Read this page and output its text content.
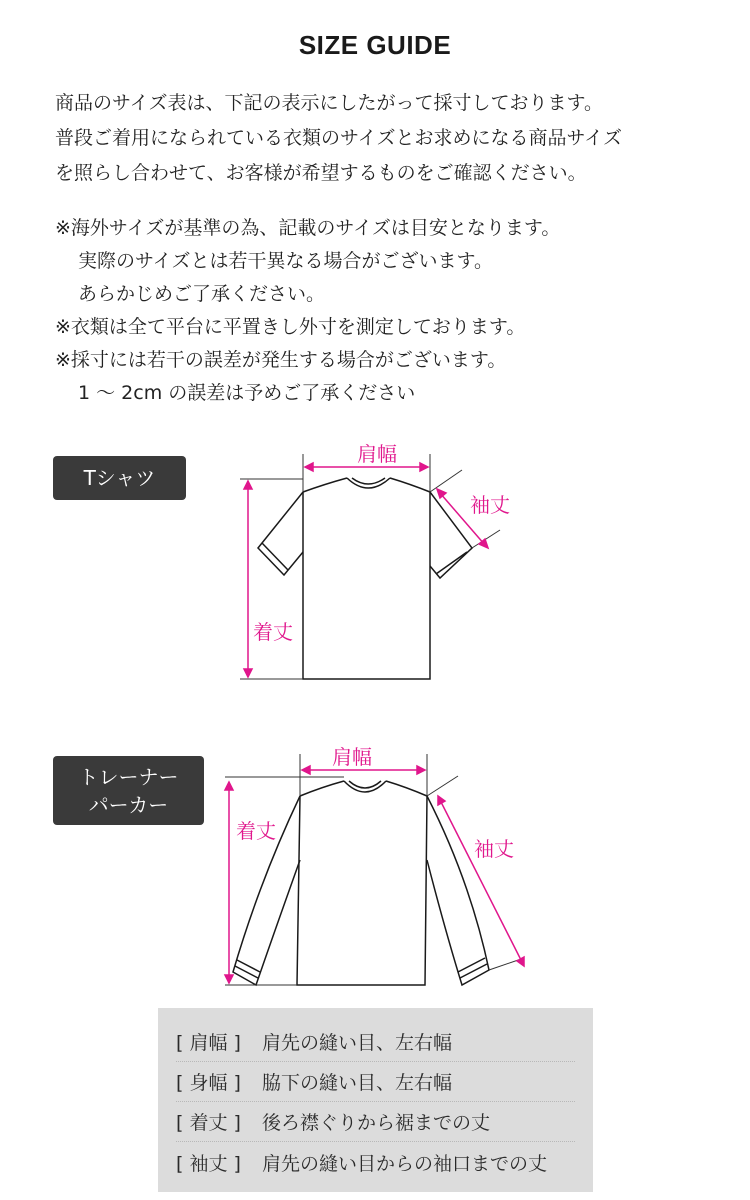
SIZE GUIDE
商品のサイズ表は、下記の表示にしたがって採寸しております。
普段ご着用になられている衣類のサイズとお求めになる商品サイズ
を照らし合わせて、お客様が希望するものをご確認ください。
※海外サイズが基準の為、記載のサイズは目安となります。
実際のサイズとは若干異なる場合がございます。
あらかじめご了承ください。
※衣類は全て平台に平置きし外寸を測定しております。
※採寸には若干の誤差が発生する場合がございます。
1 〜 2cm の誤差は予めご了承ください
Tシャツ
トレーナー
パーカー
肩幅
袖丈
着丈
肩幅
袖丈
着丈
[ 肩幅 ]	肩先の縫い目、左右幅
[ 身幅 ]	脇下の縫い目、左右幅
[ 着丈 ]	後ろ襟ぐりから裾までの丈
[ 袖丈 ]	肩先の縫い目からの袖口までの丈
